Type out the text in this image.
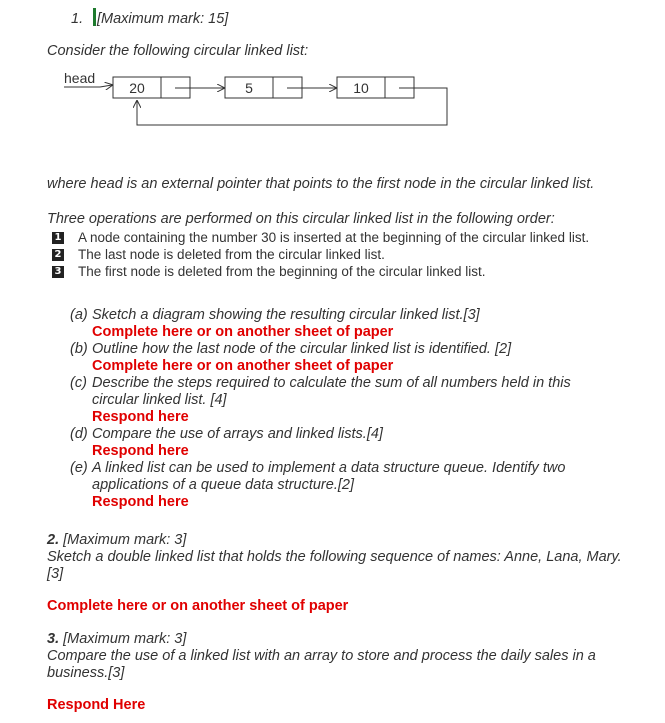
1. [Maximum mark: 15]
Consider the following circular linked list:
head
20	5	10
where head is an external pointer that points to the first node in the circular linked list.
Three operations are performed on this circular linked list in the following order:
1 A node containing the number 30 is inserted at the beginning of the circular linked list.
2 The last node is deleted from the circular linked list.
3 The first node is deleted from the beginning of the circular linked list.
(a) Sketch a diagram showing the resulting circular linked list.[3]
Complete here or on another sheet of paper
(b) Outline how the last node of the circular linked list is identified. [2]
Complete here or on another sheet of paper
(c) Describe the steps required to calculate the sum of all numbers held in this circular linked list. [4]
Respond here
(d) Compare the use of arrays and linked lists.[4]
Respond here
(e) A linked list can be used to implement a data structure queue. Identify two applications of a queue data structure.[2]
Respond here
2. [Maximum mark: 3]
Sketch a double linked list that holds the following sequence of names: Anne, Lana, Mary.[3]
Complete here or on another sheet of paper
3. [Maximum mark: 3]
Compare the use of a linked list with an array to store and process the daily sales in a business.[3]
Respond Here
